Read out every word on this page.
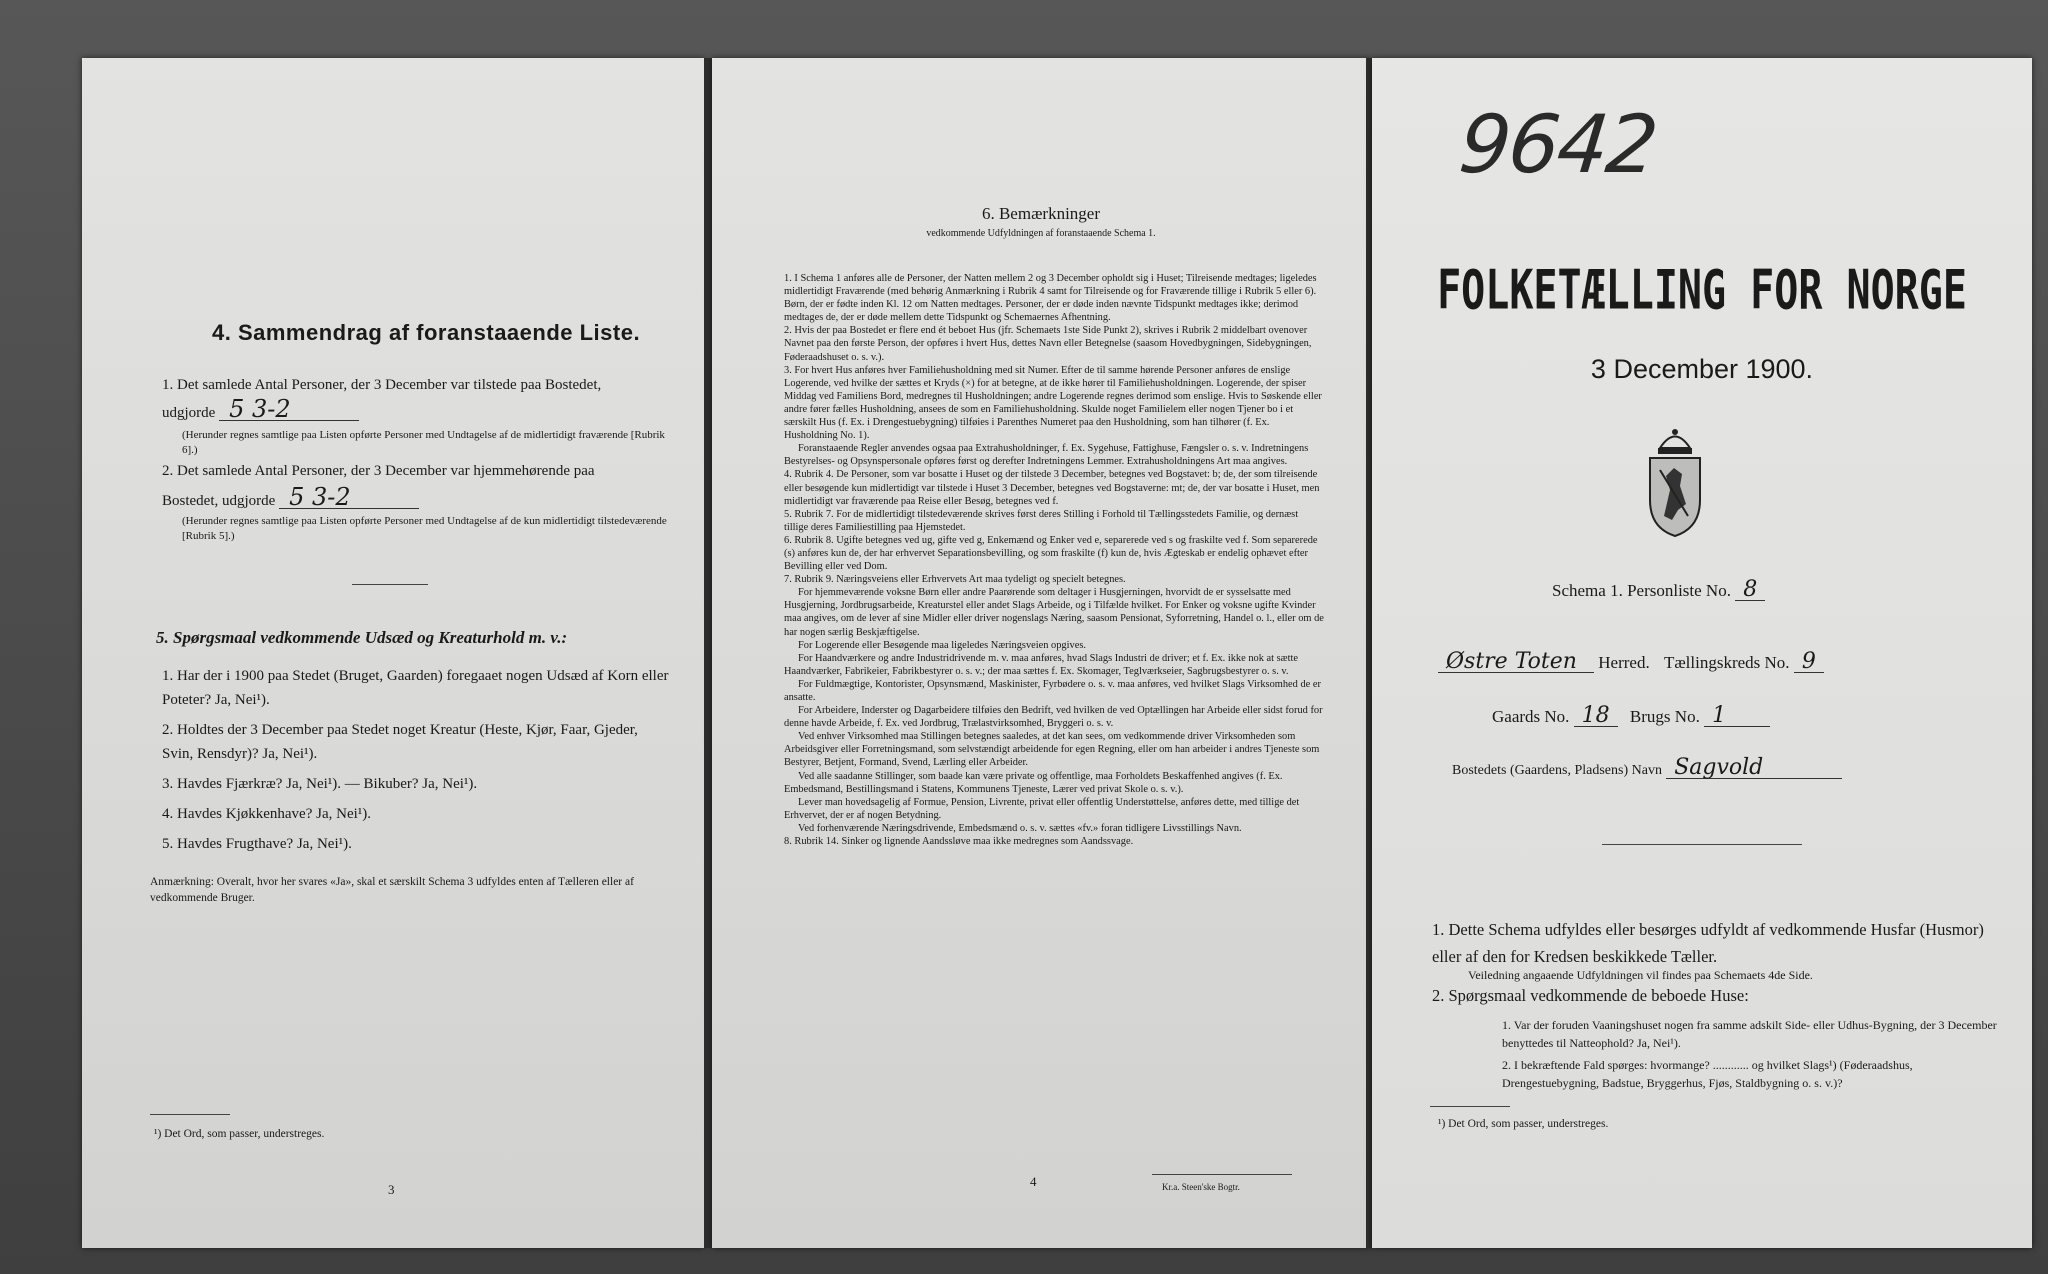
4. Sammendrag af foranstaaende Liste.
1. Det samlede Antal Personer, der 3 December var tilstede paa Bostedet,
udgjorde 5 3-2
(Herunder regnes samtlige paa Listen opførte Personer med Undtagelse af de midlertidigt fraværende [Rubrik 6].)
2. Det samlede Antal Personer, der 3 December var hjemmehørende paa
Bostedet, udgjorde 5 3-2
(Herunder regnes samtlige paa Listen opførte Personer med Undtagelse af de kun midlertidigt tilstedeværende [Rubrik 5].)
5. Spørgsmaal vedkommende Udsæd og Kreaturhold m. v.:
1. Har der i 1900 paa Stedet (Bruget, Gaarden) foregaaet nogen Udsæd af Korn eller Poteter? Ja, Nei¹).
2. Holdtes der 3 December paa Stedet noget Kreatur (Heste, Kjør, Faar, Gjeder, Svin, Rensdyr)? Ja, Nei¹).
3. Havdes Fjærkræ? Ja, Nei¹). — Bikuber? Ja, Nei¹).
4. Havdes Kjøkkenhave? Ja, Nei¹).
5. Havdes Frugthave? Ja, Nei¹).
Anmærkning: Overalt, hvor her svares «Ja», skal et særskilt Schema 3 udfyldes enten af Tælleren eller af vedkommende Bruger.
¹) Det Ord, som passer, understreges.
3
6. Bemærkninger
vedkommende Udfyldningen af foranstaaende Schema 1.

1. I Schema 1 anføres alle de Personer, der Natten mellem 2 og 3 December opholdt sig i Huset; Tilreisende medtages; ligeledes midlertidigt Fraværende (med behørig Anmærkning i Rubrik 4 samt for Tilreisende og for Fraværende tillige i Rubrik 5 eller 6). Børn, der er fødte inden Kl. 12 om Natten medtages. Personer, der er døde inden nævnte Tidspunkt medtages ikke; derimod medtages de, der er døde mellem dette Tidspunkt og Schemaernes Afhentning.

2. Hvis der paa Bostedet er flere end ét beboet Hus (jfr. Schemaets 1ste Side Punkt 2), skrives i Rubrik 2 middelbart ovenover Navnet paa den første Person, der opføres i hvert Hus, dettes Navn eller Betegnelse (saasom Hovedbygningen, Sidebygningen, Føderaadshuset o. s. v.).

3. For hvert Hus anføres hver Familiehusholdning med sit Numer. Efter de til samme hørende Personer anføres de enslige Logerende, ved hvilke der sættes et Kryds (×) for at betegne, at de ikke hører til Familiehusholdningen. Logerende, der spiser Middag ved Familiens Bord, medregnes til Husholdningen; andre Logerende regnes derimod som enslige. Hvis to Søskende eller andre fører fælles Husholdning, ansees de som en Familiehusholdning. Skulde noget Familielem eller nogen Tjener bo i et særskilt Hus (f. Ex. i Drengestuebygning) tilføies i Parenthes Numeret paa den Husholdning, som han tilhører (f. Ex. Husholdning No. 1).

Foranstaaende Regler anvendes ogsaa paa Extrahusholdninger, f. Ex. Sygehuse, Fattighuse, Fængsler o. s. v. Indretningens Bestyrelses- og Opsynspersonale opføres først og derefter Indretningens Lemmer. Extrahusholdningens Art maa angives.

4. Rubrik 4. De Personer, som var bosatte i Huset og der tilstede 3 December, betegnes ved Bogstavet: b; de, der som tilreisende eller besøgende kun midlertidigt var tilstede i Huset 3 December, betegnes ved Bogstaverne: mt; de, der var bosatte i Huset, men midlertidigt var fraværende paa Reise eller Besøg, betegnes ved f.

5. Rubrik 7. For de midlertidigt tilstedeværende skrives først deres Stilling i Forhold til Tællingsstedets Familie, og dernæst tillige deres Familiestilling paa Hjemstedet.

6. Rubrik 8. Ugifte betegnes ved ug, gifte ved g, Enkemænd og Enker ved e, separerede ved s og fraskilte ved f. Som separerede (s) anføres kun de, der har erhvervet Separationsbevilling, og som fraskilte (f) kun de, hvis Ægteskab er endelig ophævet efter Bevilling eller ved Dom.

7. Rubrik 9. Næringsveiens eller Erhvervets Art maa tydeligt og specielt betegnes.

For hjemmeværende voksne Børn eller andre Paarørende som deltager i Husgjerningen, hvorvidt de er sysselsatte med Husgjerning, Jordbrugsarbeide, Kreaturstel eller andet Slags Arbeide, og i Tilfælde hvilket. For Enker og voksne ugifte Kvinder maa angives, om de lever af sine Midler eller driver nogenslags Næring, saasom Pensionat, Syforretning, Handel o. l., eller om de har nogen særlig Beskjæftigelse.

For Logerende eller Besøgende maa ligeledes Næringsveien opgives.

For Haandværkere og andre Industridrivende m. v. maa anføres, hvad Slags Industri de driver; et f. Ex. ikke nok at sætte Haandværker, Fabrikeier, Fabrikbestyrer o. s. v.; der maa sættes f. Ex. Skomager, Teglværkseier, Sagbrugsbestyrer o. s. v.

For Fuldmægtige, Kontorister, Opsynsmænd, Maskinister, Fyrbødere o. s. v. maa anføres, ved hvilket Slags Virksomhed de er ansatte.

For Arbeidere, Inderster og Dagarbeidere tilføies den Bedrift, ved hvilken de ved Optællingen har Arbeide eller sidst forud for denne havde Arbeide, f. Ex. ved Jordbrug, Trælastvirksomhed, Bryggeri o. s. v.

Ved enhver Virksomhed maa Stillingen betegnes saaledes, at det kan sees, om vedkommende driver Virksomheden som Arbeidsgiver eller Forretningsmand, som selvstændigt arbeidende for egen Regning, eller om han arbeider i andres Tjeneste som Bestyrer, Betjent, Formand, Svend, Lærling eller Arbeider.

Ved alle saadanne Stillinger, som baade kan være private og offentlige, maa Forholdets Beskaffenhed angives (f. Ex. Embedsmand, Bestillingsmand i Statens, Kommunens Tjeneste, Lærer ved privat Skole o. s. v.).

Lever man hovedsagelig af Formue, Pension, Livrente, privat eller offentlig Understøttelse, anføres dette, med tillige det Erhvervet, der er af nogen Betydning.

Ved forhenværende Næringsdrivende, Embedsmænd o. s. v. sættes «fv.» foran tidligere Livsstillings Navn.

8. Rubrik 14. Sinker og lignende Aandssløve maa ikke medregnes som Aandssvage.

4	Kr.a. Steen'ske Bogtr.
9642
FOLKETÆLLING FOR NORGE
3 December 1900.
Schema 1. Personliste No. 8
Østre Toten Herred. Tællingskreds No. 9
Gaards No. 18 Brugs No. 1
Bostedets (Gaardens, Pladsens) Navn Sagvold
1. Dette Schema udfyldes eller besørges udfyldt af vedkommende Husfar (Husmor) eller af den for Kredsen beskikkede Tæller.
Veiledning angaaende Udfyldningen vil findes paa Schemaets 4de Side.
2. Spørgsmaal vedkommende de beboede Huse:
1. Var der foruden Vaaningshuset nogen fra samme adskilt Side- eller Udhus-Bygning, der 3 December benyttedes til Natteophold? Ja, Nei¹).
2. I bekræftende Fald spørges: hvormange? ............ og hvilket Slags¹) (Føderaadshus, Drengestuebygning, Badstue, Bryggerhus, Fjøs, Staldbygning o. s. v.)?
¹) Det Ord, som passer, understreges.
